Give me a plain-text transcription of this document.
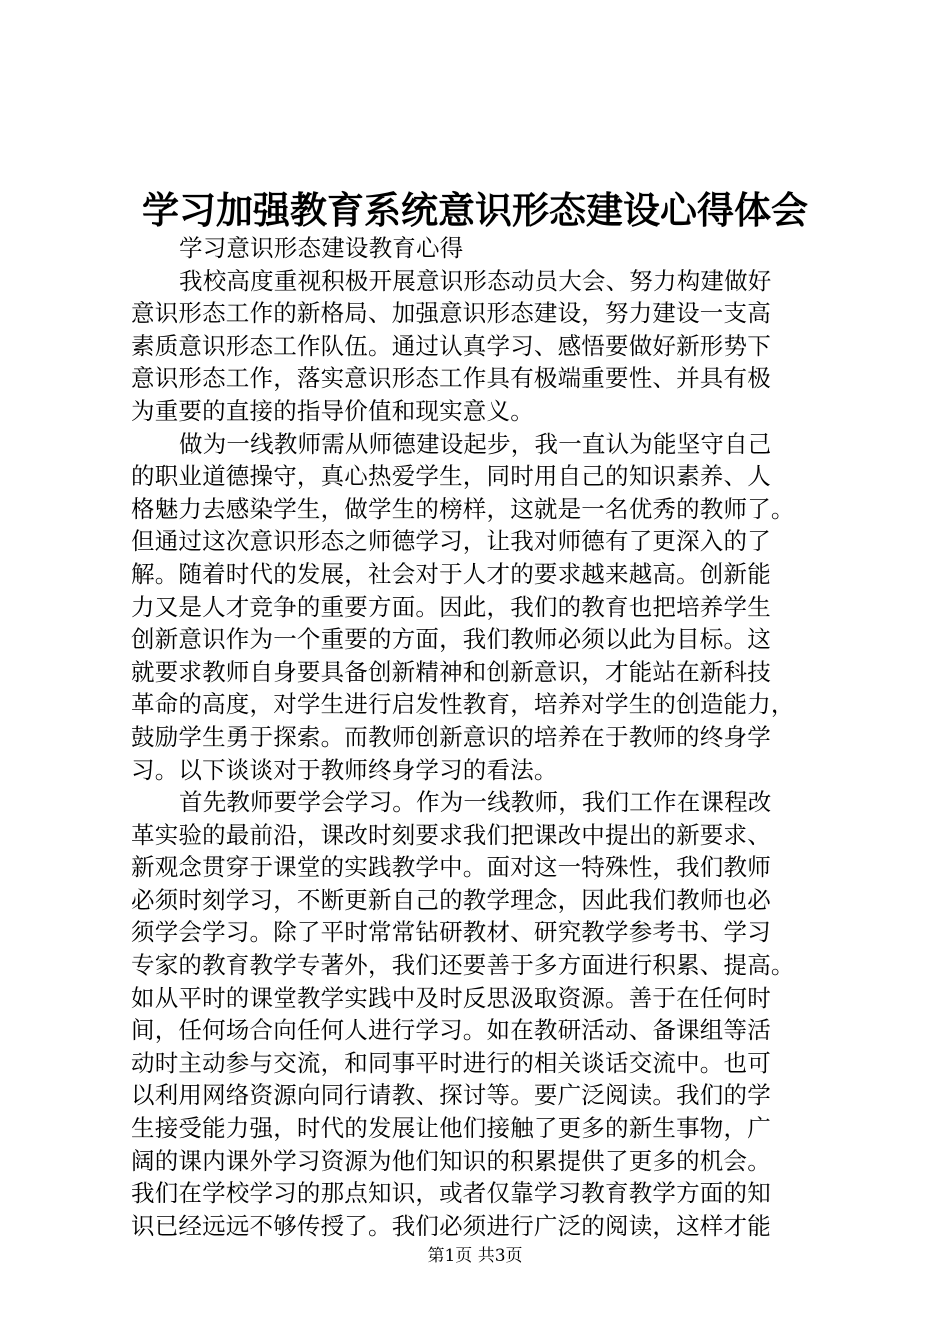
学习加强教育系统意识形态建设心得体会
学习意识形态建设教育心得
我校高度重视积极开展意识形态动员大会、努力构建做好
意识形态工作的新格局、加强意识形态建设，努力建设一支高
素质意识形态工作队伍。通过认真学习、感悟要做好新形势下
意识形态工作，落实意识形态工作具有极端重要性、并具有极
为重要的直接的指导价值和现实意义。
做为一线教师需从师德建设起步，我一直认为能坚守自己
的职业道德操守，真心热爱学生，同时用自己的知识素养、人
格魅力去感染学生，做学生的榜样，这就是一名优秀的教师了。
但通过这次意识形态之师德学习，让我对师德有了更深入的了
解。随着时代的发展，社会对于人才的要求越来越高。创新能
力又是人才竞争的重要方面。因此，我们的教育也把培养学生
创新意识作为一个重要的方面，我们教师必须以此为目标。这
就要求教师自身要具备创新精神和创新意识，才能站在新科技
革命的高度，对学生进行启发性教育，培养对学生的创造能力，
鼓励学生勇于探索。而教师创新意识的培养在于教师的终身学
习。以下谈谈对于教师终身学习的看法。
首先教师要学会学习。作为一线教师，我们工作在课程改
革实验的最前沿，课改时刻要求我们把课改中提出的新要求、
新观念贯穿于课堂的实践教学中。面对这一特殊性，我们教师
必须时刻学习，不断更新自己的教学理念，因此我们教师也必
须学会学习。除了平时常常钻研教材、研究教学参考书、学习
专家的教育教学专著外，我们还要善于多方面进行积累、提高。
如从平时的课堂教学实践中及时反思汲取资源。善于在任何时
间，任何场合向任何人进行学习。如在教研活动、备课组等活
动时主动参与交流，和同事平时进行的相关谈话交流中。也可
以利用网络资源向同行请教、探讨等。要广泛阅读。我们的学
生接受能力强，时代的发展让他们接触了更多的新生事物，广
阔的课内课外学习资源为他们知识的积累提供了更多的机会。
我们在学校学习的那点知识，或者仅靠学习教育教学方面的知
识已经远远不够传授了。我们必须进行广泛的阅读，这样才能
第1页 共3页
